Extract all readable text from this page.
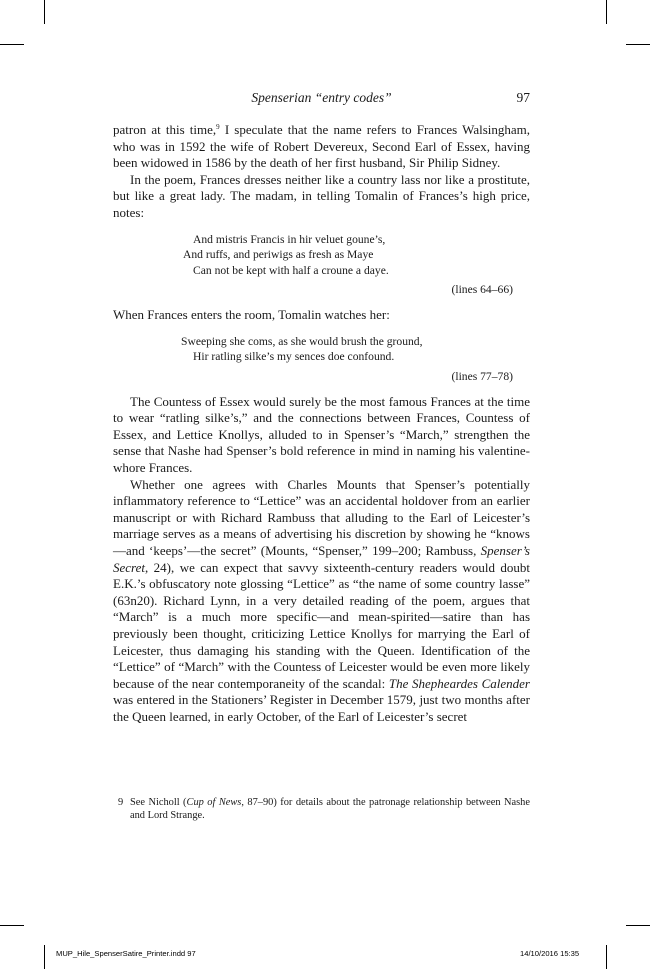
Spenserian “entry codes”	97

patron at this time,$^9$ I speculate that the name refers to Frances Walsingham, who was in 1592 the wife of Robert Devereux, Second Earl of Essex, having been widowed in 1586 by the death of her first husband, Sir Philip Sidney.

In the poem, Frances dresses neither like a country lass nor like a prostitute, but like a great lady. The madam, in telling Tomalin of Frances’s high price, notes:

And mistris Francis in hir veluet goune’s,
And ruffs, and periwigs as fresh as Maye
Can not be kept with half a croune a daye.
(lines 64–66)

When Frances enters the room, Tomalin watches her:

Sweeping she coms, as she would brush the ground,
Hir ratling silke’s my sences doe confound.
(lines 77–78)

The Countess of Essex would surely be the most famous Frances at the time to wear “ratling silke’s,” and the connections between Frances, Countess of Essex, and Lettice Knollys, alluded to in Spenser’s “March,” strengthen the sense that Nashe had Spenser’s bold reference in mind in naming his valentine-whore Frances.

Whether one agrees with Charles Mounts that Spenser’s potentially inflammatory reference to “Lettice” was an accidental holdover from an earlier manuscript or with Richard Rambuss that alluding to the Earl of Leicester’s marriage serves as a means of advertising his discretion by showing he “knows—and ‘keeps’—the secret” (Mounts, “Spenser,” 199–200; Rambuss, Spenser’s Secret, 24), we can expect that savvy sixteenth-century readers would doubt E.K.’s obfuscatory note glossing “Lettice” as “the name of some country lasse” (63n20). Richard Lynn, in a very detailed reading of the poem, argues that “March” is a much more specific—and mean-spirited—satire than has previously been thought, criticizing Lettice Knollys for marrying the Earl of Leicester, thus damaging his standing with the Queen. Identification of the “Lettice” of “March” with the Countess of Leicester would be even more likely because of the near contemporaneity of the scandal: The Shepheardes Calender was entered in the Stationers’ Register in December 1579, just two months after the Queen learned, in early October, of the Earl of Leicester’s secret

9 See Nicholl (Cup of News, 87–90) for details about the patronage relationship between Nashe and Lord Strange.
MUP_Hile_SpenserSatire_Printer.indd 97	14/10/2016 15:35
